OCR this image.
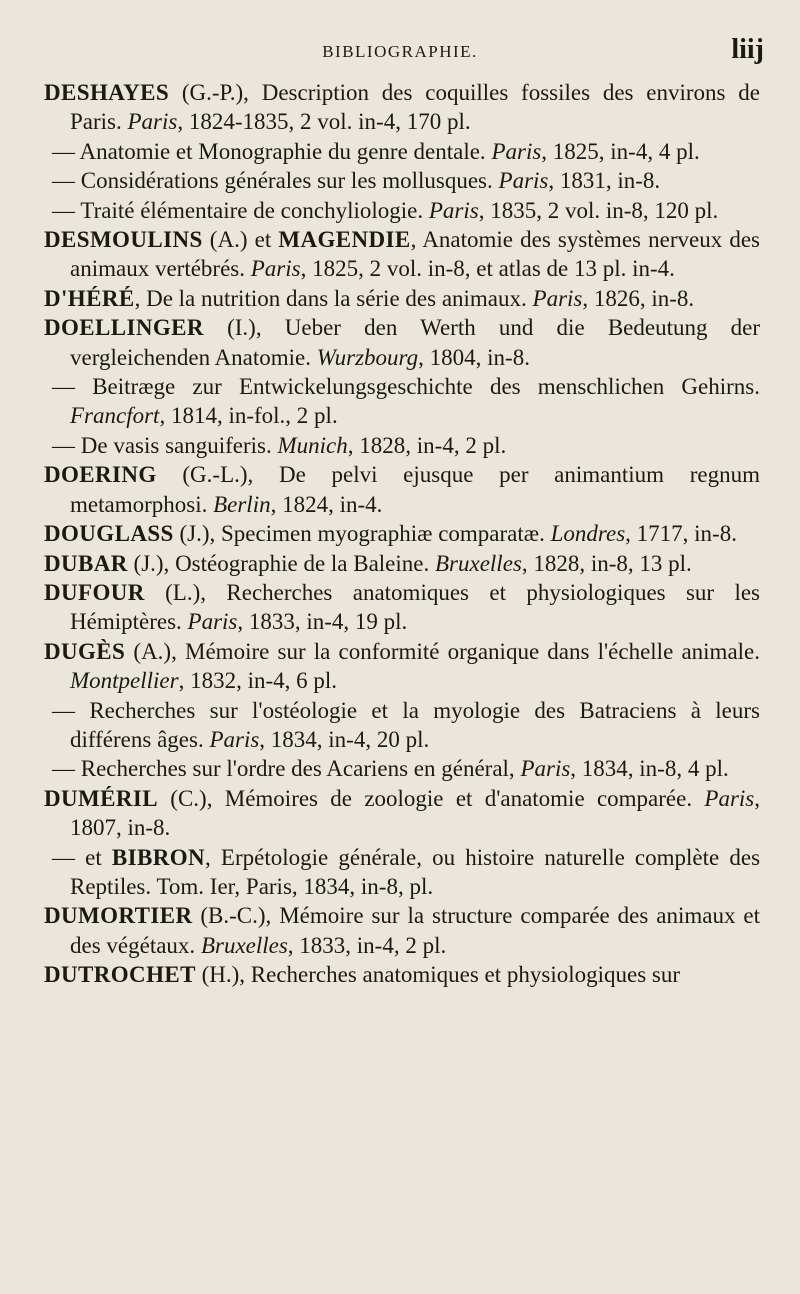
BIBLIOGRAPHIE.	liij
DESHAYES (G.-P.), Description des coquilles fossiles des environs de Paris. Paris, 1824-1835, 2 vol. in-4, 170 pl.
— Anatomie et Monographie du genre dentale. Paris, 1825, in-4, 4 pl.
— Considérations générales sur les mollusques. Paris, 1831, in-8.
— Traité élémentaire de conchyliologie. Paris, 1835, 2 vol. in-8, 120 pl.
DESMOULINS (A.) et MAGENDIE, Anatomie des systèmes nerveux des animaux vertébrés. Paris, 1825, 2 vol. in-8, et atlas de 13 pl. in-4.
D'HÉRÉ, De la nutrition dans la série des animaux. Paris, 1826, in-8.
DOELLINGER (I.), Ueber den Werth und die Bedeutung der vergleichenden Anatomie. Wurzbourg, 1804, in-8.
— Beitræge zur Entwickelungsgeschichte des menschlichen Gehirns. Francfort, 1814, in-fol., 2 pl.
— De vasis sanguiferis. Munich, 1828, in-4, 2 pl.
DOERING (G.-L.), De pelvi ejusque per animantium regnum metamorphosi. Berlin, 1824, in-4.
DOUGLASS (J.), Specimen myographiæ comparatæ. Londres, 1717, in-8.
DUBAR (J.), Ostéographie de la Baleine. Bruxelles, 1828, in-8, 13 pl.
DUFOUR (L.), Recherches anatomiques et physiologiques sur les Hémiptères. Paris, 1833, in-4, 19 pl.
DUGÈS (A.), Mémoire sur la conformité organique dans l'échelle animale. Montpellier, 1832, in-4, 6 pl.
— Recherches sur l'ostéologie et la myologie des Batraciens à leurs différens âges. Paris, 1834, in-4, 20 pl.
— Recherches sur l'ordre des Acariens en général, Paris, 1834, in-8, 4 pl.
DUMÉRIL (C.), Mémoires de zoologie et d'anatomie comparée. Paris, 1807, in-8.
— et BIBRON, Erpétologie générale, ou histoire naturelle complète des Reptiles. Tom. Ier, Paris, 1834, in-8, pl.
DUMORTIER (B.-C.), Mémoire sur la structure comparée des animaux et des végétaux. Bruxelles, 1833, in-4, 2 pl.
DUTROCHET (H.), Recherches anatomiques et physiologiques sur
